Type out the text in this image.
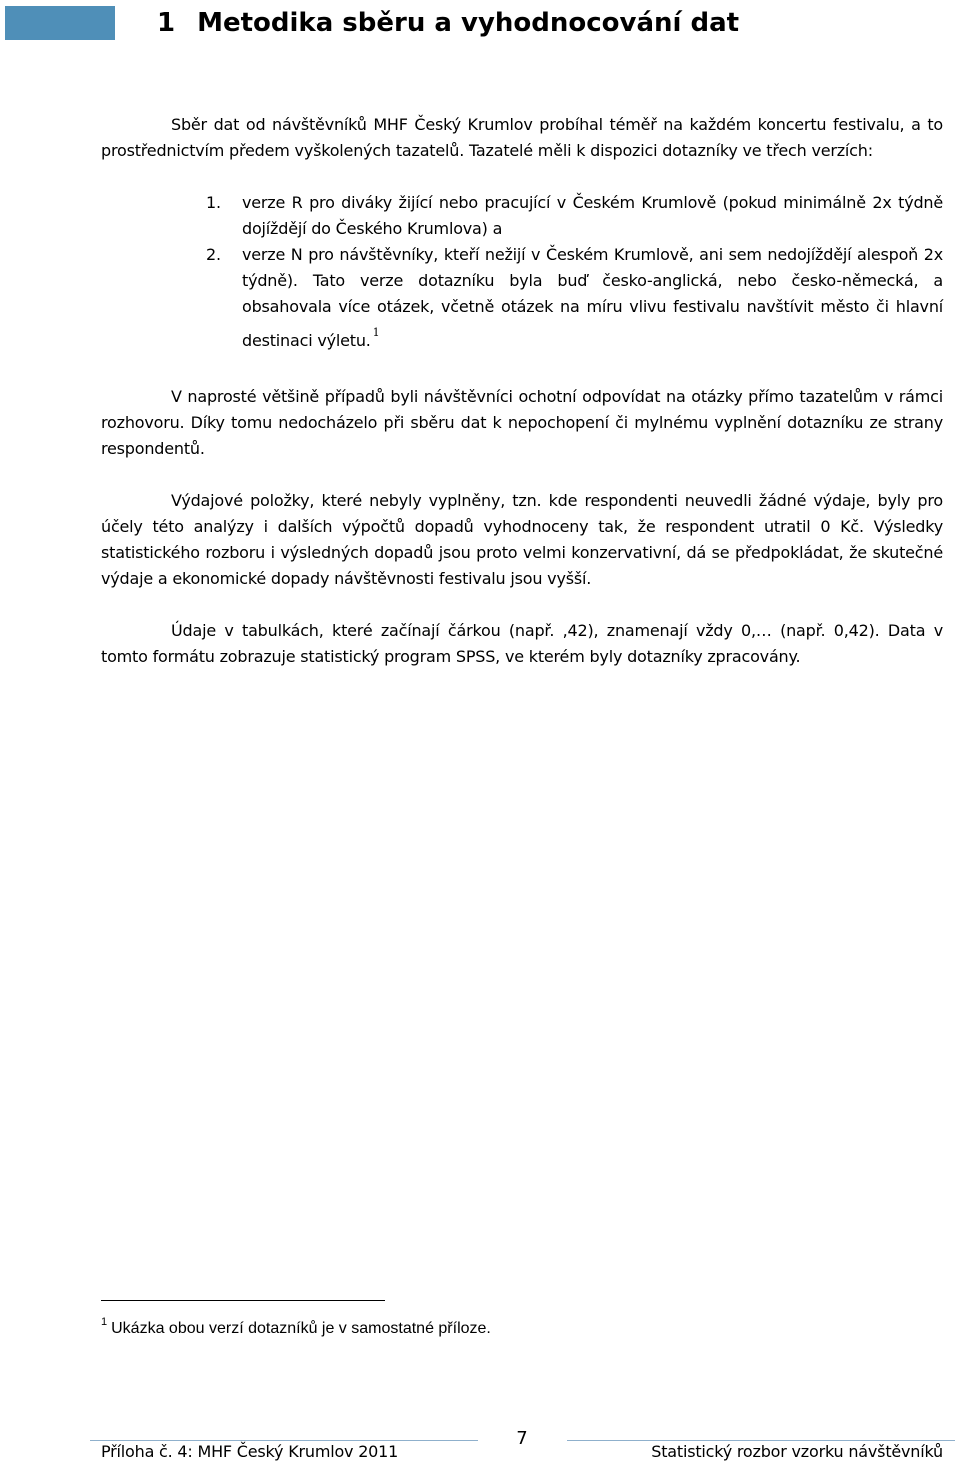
1 Metodika sběru a vyhodnocování dat

Sběr dat od návštěvníků MHF Český Krumlov probíhal téměř na každém koncertu festivalu, a to prostřednictvím předem vyškolených tazatelů. Tazatelé měli k dispozici dotazníky ve třech verzích:

1. verze R pro diváky žijící nebo pracující v Českém Krumlově (pokud minimálně 2x týdně dojíždějí do Českého Krumlova) a
2. verze N pro návštěvníky, kteří nežijí v Českém Krumlově, ani sem nedojíždějí alespoň 2x týdně). Tato verze dotazníku byla buď česko-anglická, nebo česko-německá, a obsahovala více otázek, včetně otázek na míru vlivu festivalu navštívit město či hlavní destinaci výletu. $^1$

V naprosté většině případů byli návštěvníci ochotní odpovídat na otázky přímo tazatelům v rámci rozhovoru. Díky tomu nedocházelo při sběru dat k nepochopení či mylnému vyplnění dotazníku ze strany respondentů.

Výdajové položky, které nebyly vyplněny, tzn. kde respondenti neuvedli žádné výdaje, byly pro účely této analýzy i dalších výpočtů dopadů vyhodnoceny tak, že respondent utratil 0 Kč. Výsledky statistického rozboru i výsledných dopadů jsou proto velmi konzervativní, dá se předpokládat, že skutečné výdaje a ekonomické dopady návštěvnosti festivalu jsou vyšší.

Údaje v tabulkách, které začínají čárkou (např. ,42), znamenají vždy 0,… (např. 0,42). Data v tomto formátu zobrazuje statistický program SPSS, ve kterém byly dotazníky zpracovány.

$^1$ Ukázka obou verzí dotazníků je v samostatné příloze.
7
Příloha č. 4: MHF Český Krumlov 2011	Statistický rozbor vzorku návštěvníků
